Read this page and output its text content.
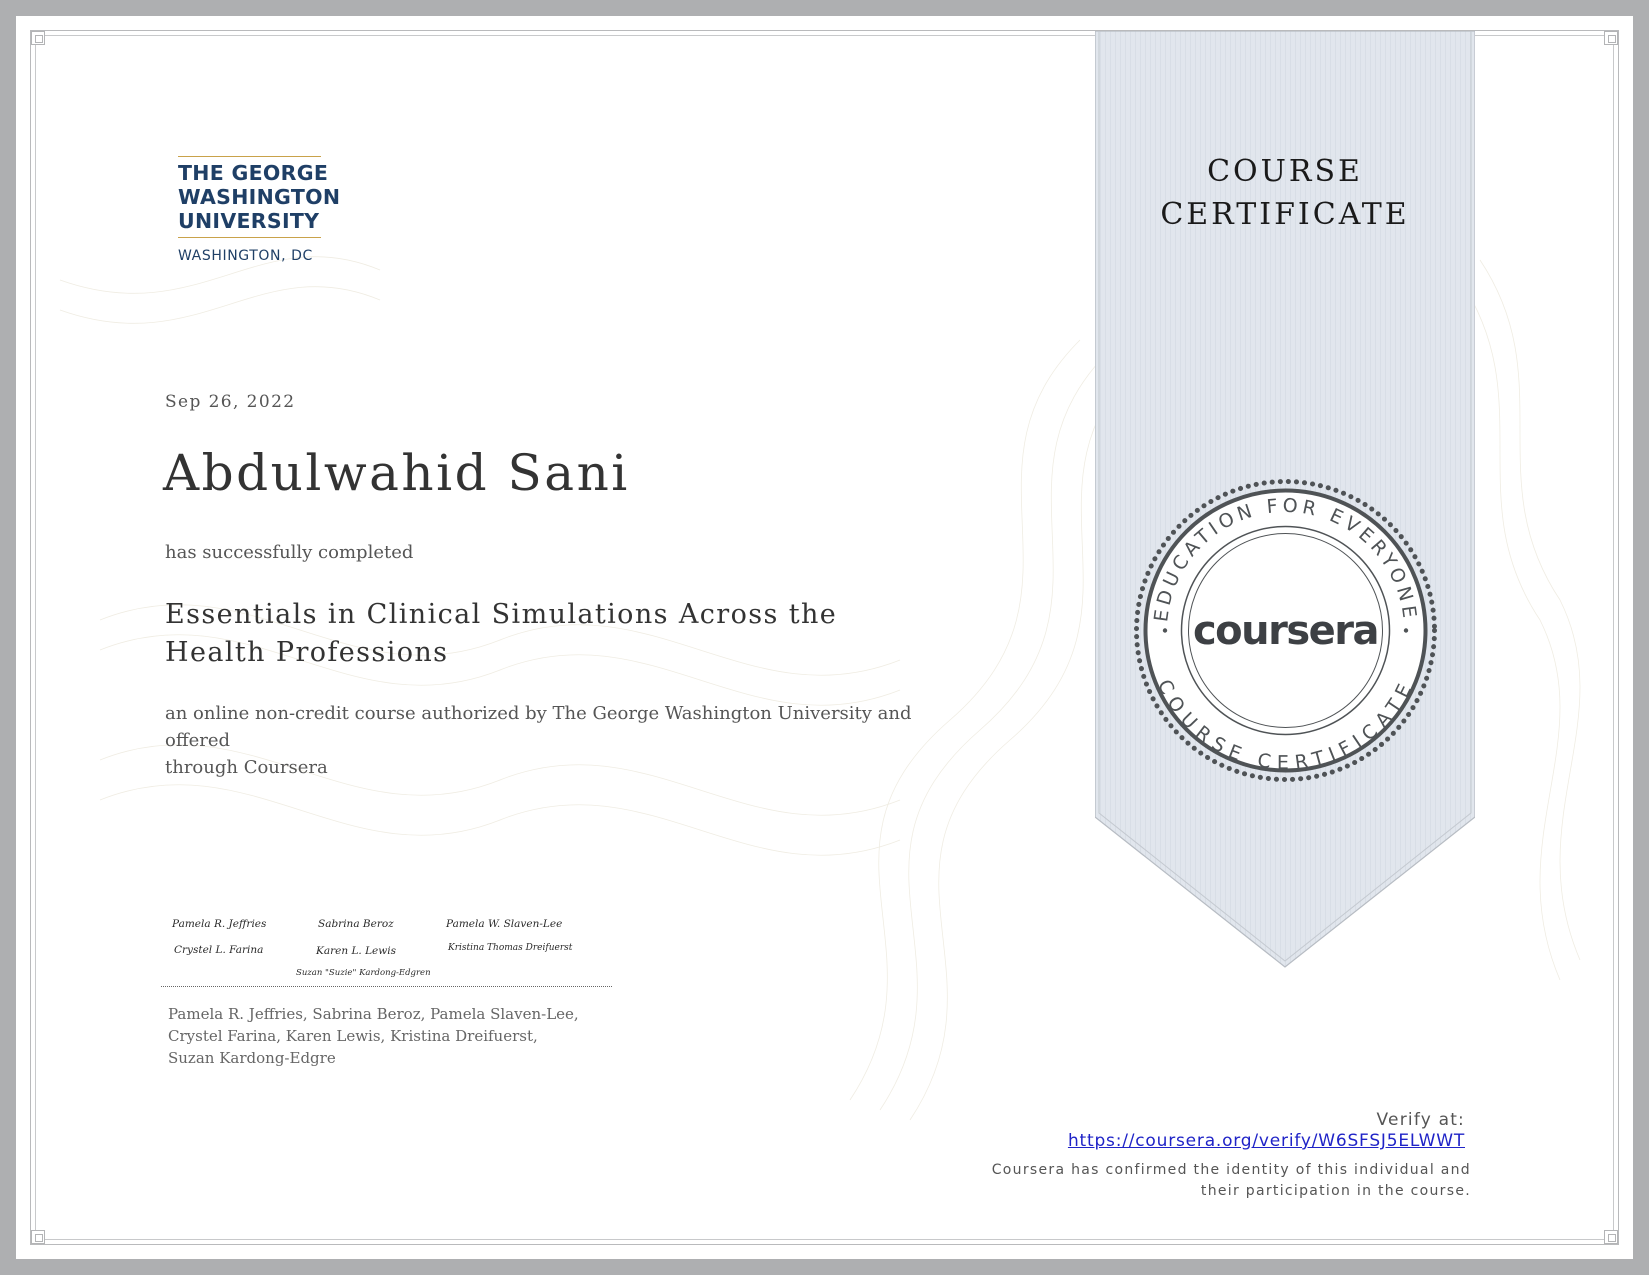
THE GEORGE
WASHINGTON
UNIVERSITY
WASHINGTON, DC
Sep 26, 2022
Abdulwahid Sani
has successfully completed
Essentials in Clinical Simulations Across the
Health Professions
an online non-credit course authorized by The George Washington University and offered
through Coursera
Pamela R. Jeffries	Sabrina Beroz	Pamela W. Slaven-Lee
Crystel L. Farina	Karen L. Lewis	Kristina Thomas Dreifuerst
Suzan "Suzie" Kardong-Edgren
Pamela R. Jeffries, Sabrina Beroz, Pamela Slaven-Lee,
Crystel Farina, Karen Lewis, Kristina Dreifuerst,
Suzan Kardong-Edgre
COURSE
CERTIFICATE
EDUCATION FOR EVERYONE
COURSE CERTIFICATE
coursera
Verify at:
https://coursera.org/verify/W6SFSJ5ELWWT
Coursera has confirmed the identity of this individual and
their participation in the course.
